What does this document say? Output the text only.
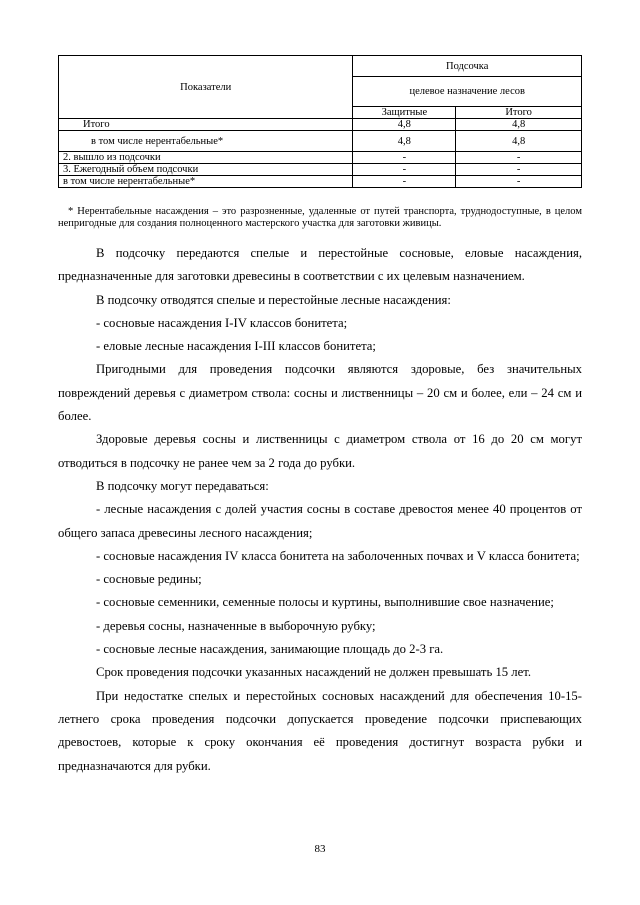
Показатели	Подсочка	
	целевое назначение лесов	
	Защитные	Итого
Итого	4,8	4,8
в том числе нерентабельные*	4,8	4,8
2. вышло из подсочки	-	-
3. Ежегодный объем подсочки	-	-
в том числе нерентабельные*	-	-

* Нерентабельные насаждения – это разрозненные, удаленные от путей транспорта, труднодоступные, в целом непригодные для создания полноценного мастерского участка для заготовки живицы.

В подсочку передаются спелые и перестойные сосновые, еловые насаждения, предназначенные для заготовки древесины в соответствии с их целевым назначением.

В подсочку отводятся спелые и перестойные лесные насаждения:

- сосновые насаждения I-IV классов бонитета;

- еловые лесные насаждения I-III классов бонитета;

Пригодными для проведения подсочки являются здоровые, без значительных повреждений деревья с диаметром ствола: сосны и лиственницы – 20 см и более, ели – 24 см и более.

Здоровые деревья сосны и лиственницы с диаметром ствола от 16 до 20 см могут отводиться в подсочку не ранее чем за 2 года до рубки.

В подсочку могут передаваться:

- лесные насаждения с долей участия сосны в составе древостоя менее 40 процентов от общего запаса древесины лесного насаждения;

- сосновые насаждения IV класса бонитета на заболоченных почвах и V класса бонитета;

- сосновые редины;

- сосновые семенники, семенные полосы и куртины, выполнившие свое назначение;

- деревья сосны, назначенные в выборочную рубку;

- сосновые лесные насаждения, занимающие площадь до 2-3 га.

Срок проведения подсочки указанных насаждений не должен превышать 15 лет.

При недостатке спелых и перестойных сосновых насаждений для обеспечения 10-15-летнего срока проведения подсочки допускается проведение подсочки приспевающих древостоев, которые к сроку окончания её проведения достигнут возраста рубки и предназначаются для рубки.

83
